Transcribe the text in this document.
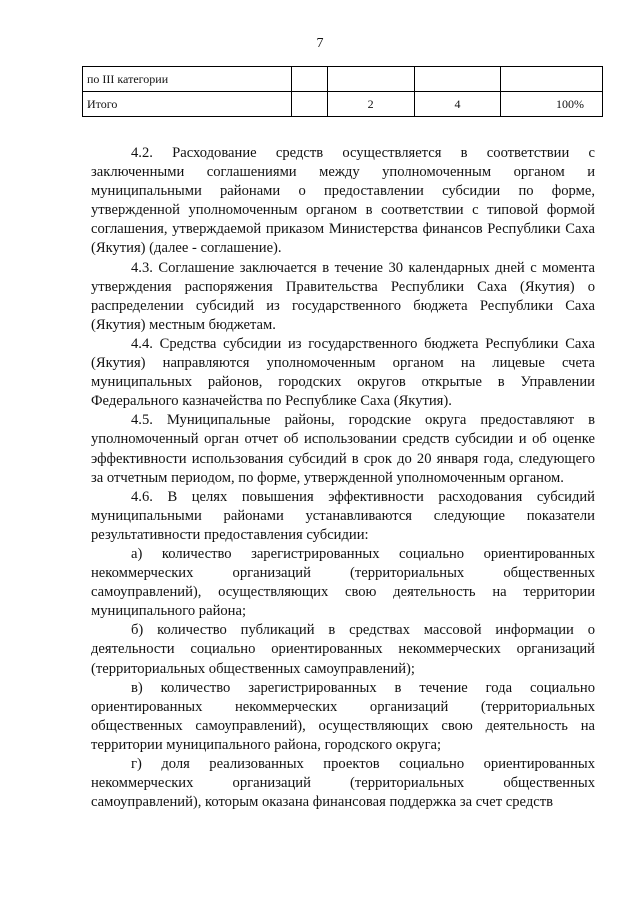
7
по III категории				
Итого		2	4	100%

4.2. Расходование средств осуществляется в соответствии с заключенными соглашениями между уполномоченным органом и муниципальными районами о предоставлении субсидии по форме, утвержденной уполномоченным органом в соответствии с типовой формой соглашения, утверждаемой приказом Министерства финансов Республики Саха (Якутия) (далее - соглашение).

4.3. Соглашение заключается в течение 30 календарных дней с момента утверждения распоряжения Правительства Республики Саха (Якутия) о распределении субсидий из государственного бюджета Республики Саха (Якутия) местным бюджетам.

4.4. Средства субсидии из государственного бюджета Республики Саха (Якутия) направляются уполномоченным органом на лицевые счета муниципальных районов, городских округов открытые в Управлении Федерального казначейства по Республике Саха (Якутия).

4.5. Муниципальные районы, городские округа предоставляют в уполномоченный орган отчет об использовании средств субсидии и об оценке эффективности использования субсидий в срок до 20 января года, следующего за отчетным периодом, по форме, утвержденной уполномоченным органом.

4.6. В целях повышения эффективности расходования субсидий муниципальными районами устанавливаются следующие показатели результативности предоставления субсидии:

а) количество зарегистрированных социально ориентированных некоммерческих организаций (территориальных общественных самоуправлений), осуществляющих свою деятельность на территории муниципального района;

б) количество публикаций в средствах массовой информации о деятельности социально ориентированных некоммерческих организаций (территориальных общественных самоуправлений);

в) количество зарегистрированных в течение года социально ориентированных некоммерческих организаций (территориальных общественных самоуправлений), осуществляющих свою деятельность на территории муниципального района, городского округа;

г) доля реализованных проектов социально ориентированных некоммерческих организаций (территориальных общественных самоуправлений), которым оказана финансовая поддержка за счет средств
